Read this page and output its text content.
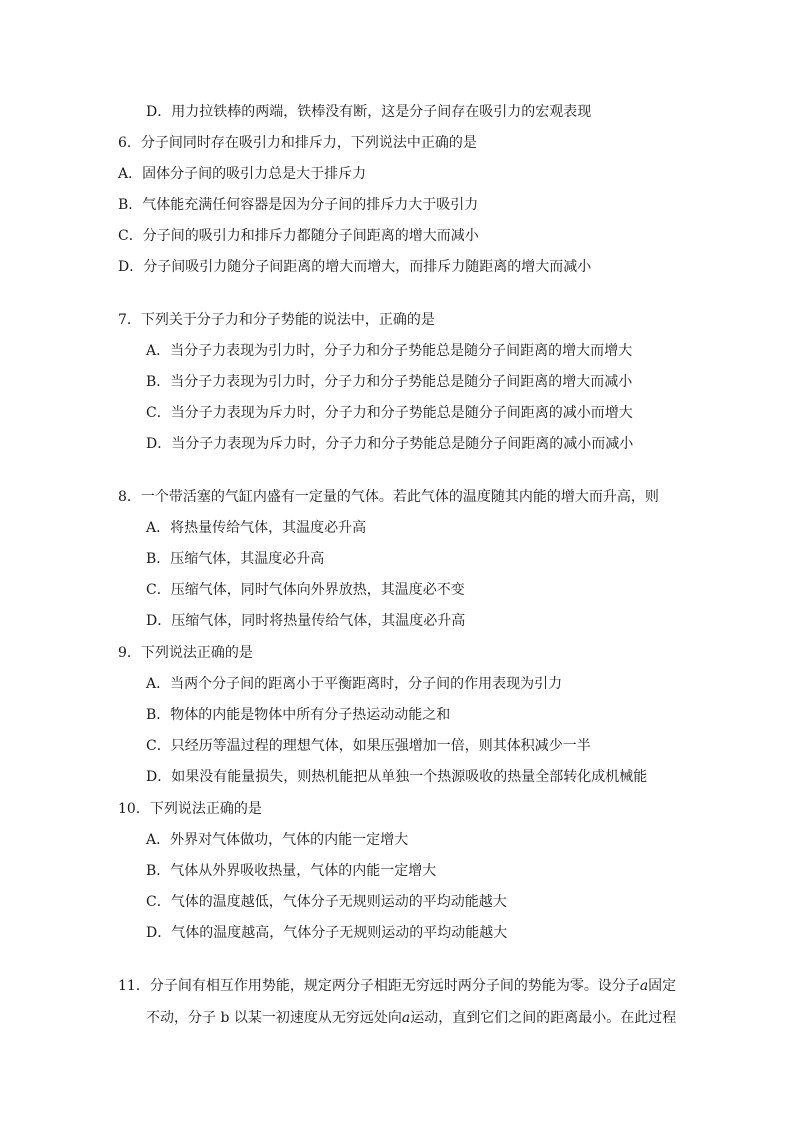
D．用力拉铁棒的两端，铁棒没有断，这是分子间存在吸引力的宏观表现
6．分子间同时存在吸引力和排斥力，下列说法中正确的是
A．固体分子间的吸引力总是大于排斥力
B．气体能充满任何容器是因为分子间的排斥力大于吸引力
C．分子间的吸引力和排斥力都随分子间距离的增大而减小
D．分子间吸引力随分子间距离的增大而增大，而排斥力随距离的增大而减小
7．下列关于分子力和分子势能的说法中，正确的是
A．当分子力表现为引力时，分子力和分子势能总是随分子间距离的增大而增大
B．当分子力表现为引力时，分子力和分子势能总是随分子间距离的增大而减小
C．当分子力表现为斥力时，分子力和分子势能总是随分子间距离的减小而增大
D．当分子力表现为斥力时，分子力和分子势能总是随分子间距离的减小而减小
8．一个带活塞的气缸内盛有一定量的气体。若此气体的温度随其内能的增大而升高，则
A．将热量传给气体，其温度必升高
B．压缩气体，其温度必升高
C．压缩气体，同时气体向外界放热，其温度必不变
D．压缩气体，同时将热量传给气体，其温度必升高
9．下列说法正确的是
A．当两个分子间的距离小于平衡距离时，分子间的作用表现为引力
B．物体的内能是物体中所有分子热运动动能之和
C．只经历等温过程的理想气体，如果压强增加一倍，则其体积减少一半
D．如果没有能量损失，则热机能把从单独一个热源吸收的热量全部转化成机械能
10．下列说法正确的是
A．外界对气体做功，气体的内能一定增大
B．气体从外界吸收热量，气体的内能一定增大
C．气体的温度越低，气体分子无规则运动的平均动能越大
D．气体的温度越高，气体分子无规则运动的平均动能越大
11．分子间有相互作用势能，规定两分子相距无穷远时两分子间的势能为零。设分子a固定
不动，分子 b 以某一初速度从无穷远处向a运动，直到它们之间的距离最小。在此过程
